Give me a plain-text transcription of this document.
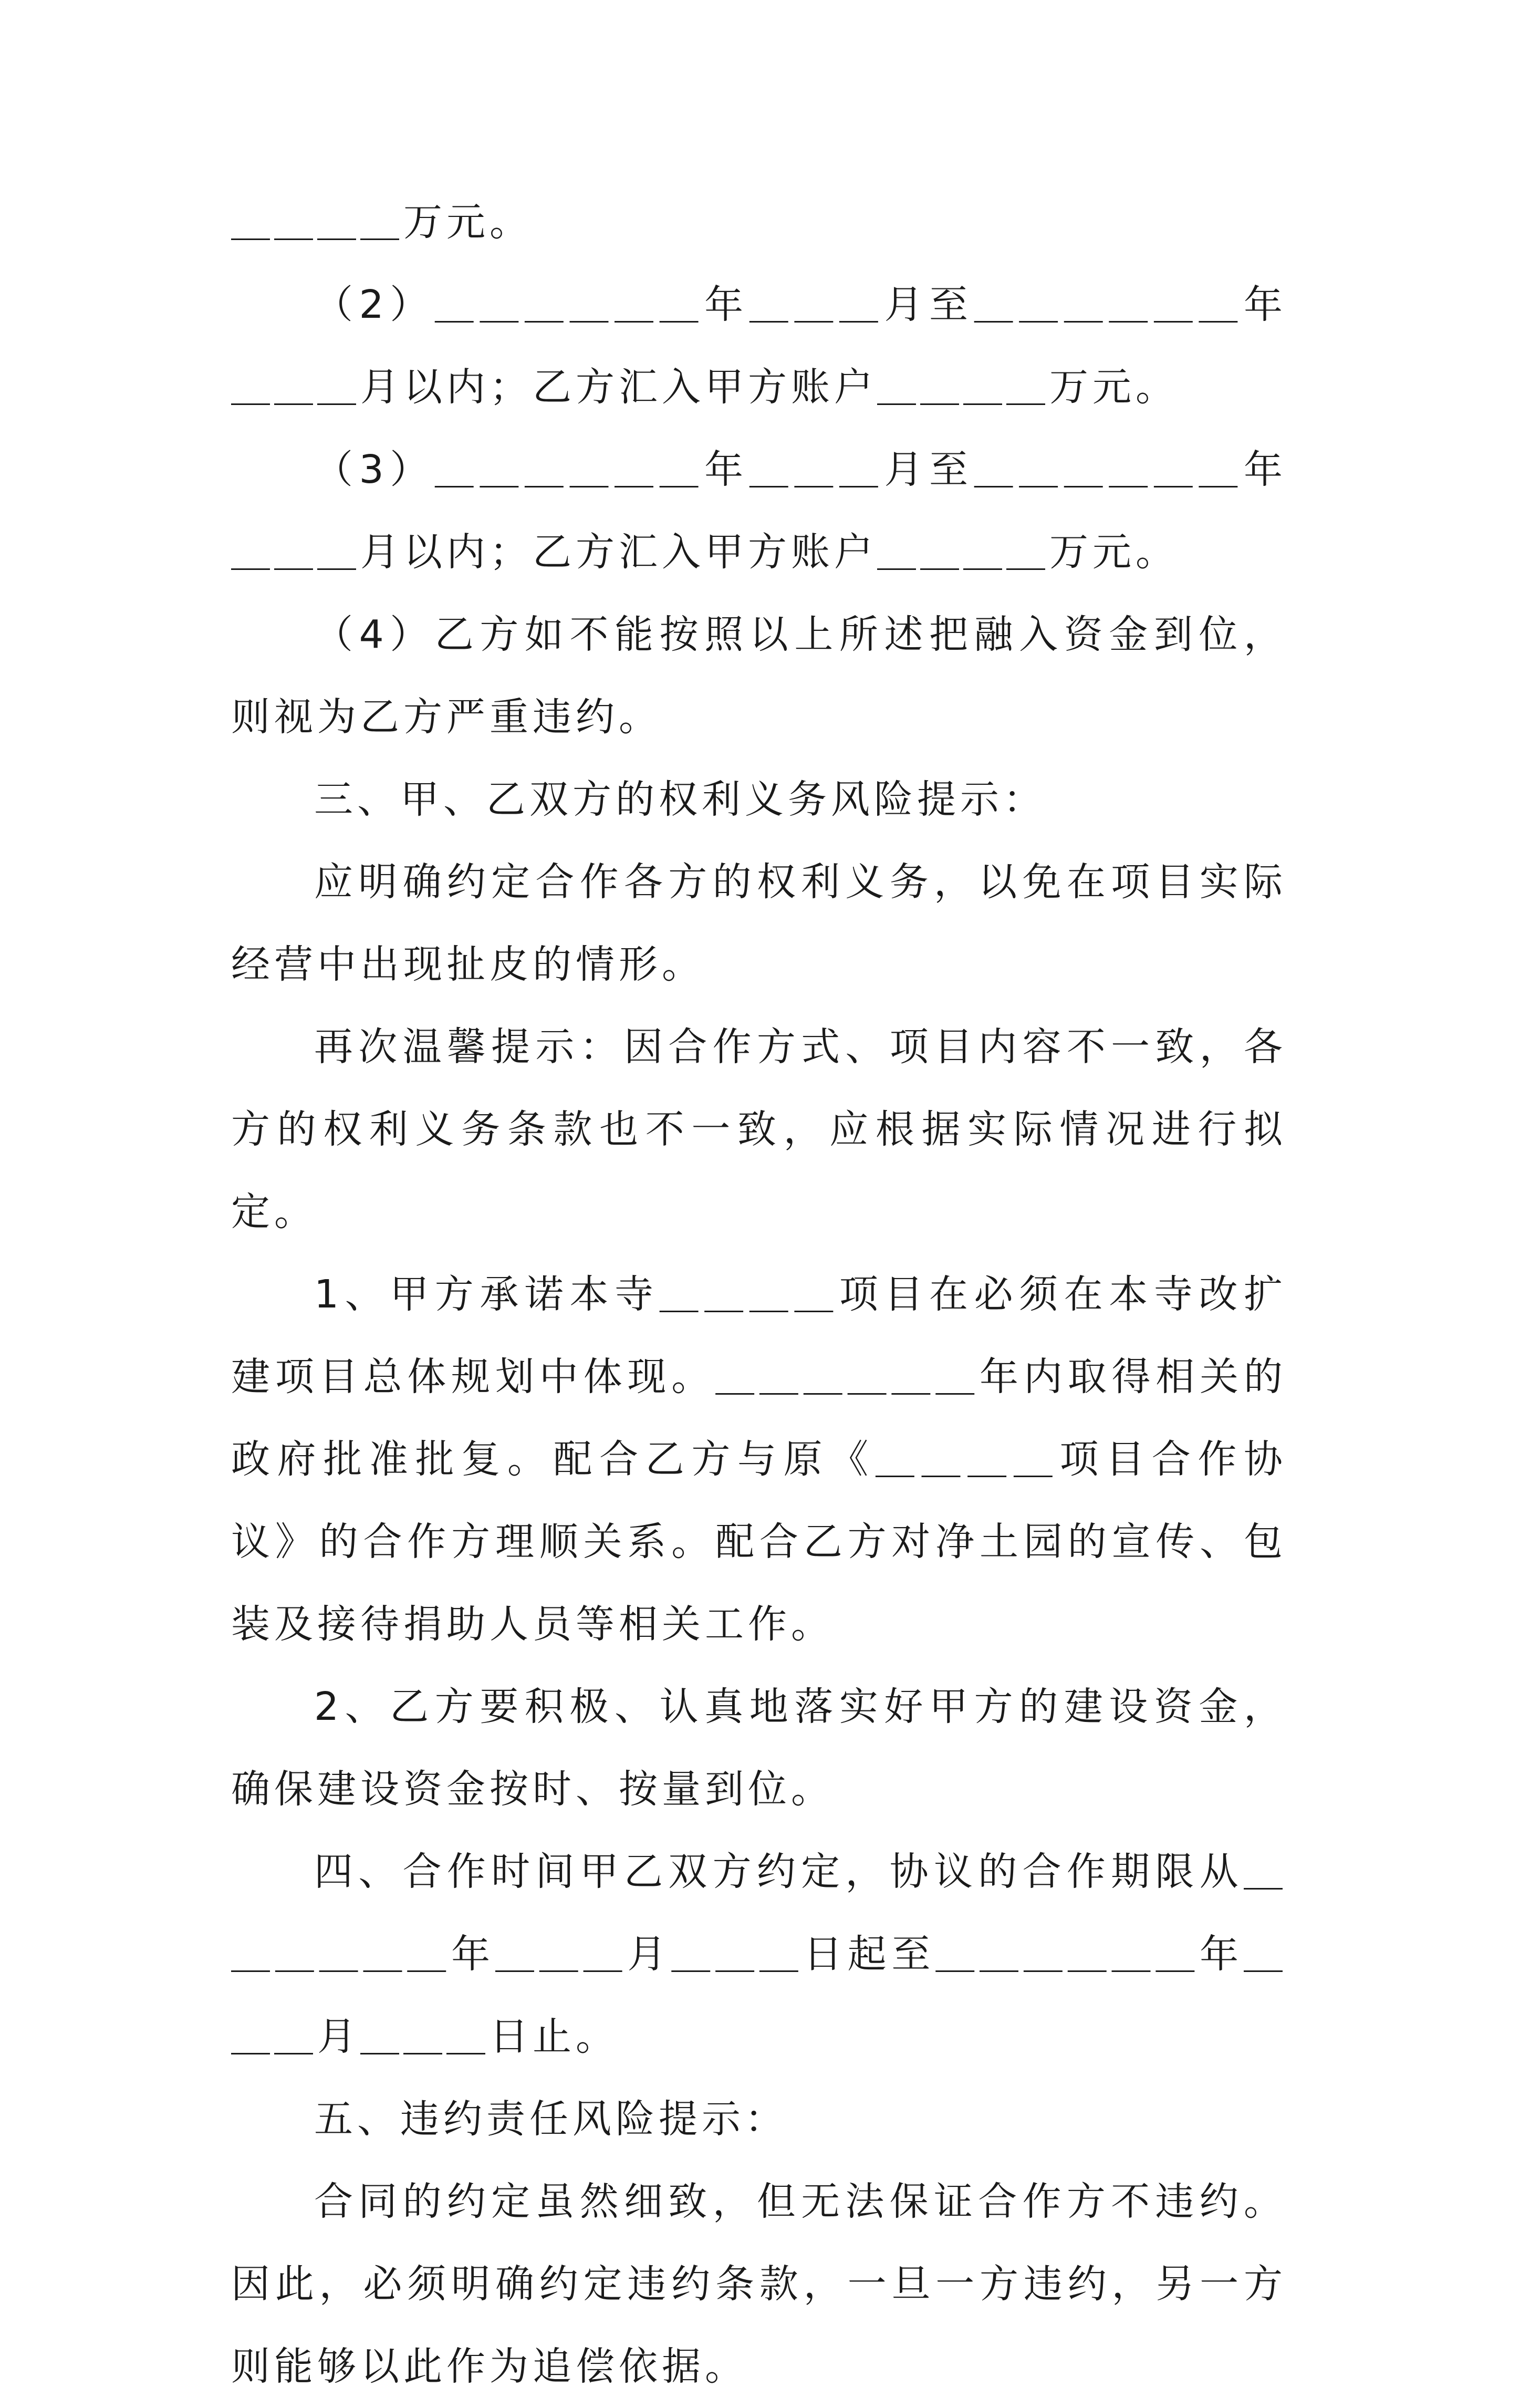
＿＿＿＿万元。

（2）＿＿＿＿＿＿年＿＿＿月至＿＿＿＿＿＿年＿＿＿月以内；乙方汇入甲方账户＿＿＿＿万元。

（3）＿＿＿＿＿＿年＿＿＿月至＿＿＿＿＿＿年＿＿＿月以内；乙方汇入甲方账户＿＿＿＿万元。

（4）乙方如不能按照以上所述把融入资金到位，则视为乙方严重违约。

三、甲、乙双方的权利义务风险提示：

应明确约定合作各方的权利义务，以免在项目实际经营中出现扯皮的情形。

再次温馨提示：因合作方式、项目内容不一致，各方的权利义务条款也不一致，应根据实际情况进行拟定。

1、甲方承诺本寺＿＿＿＿项目在必须在本寺改扩建项目总体规划中体现。＿＿＿＿＿＿年内取得相关的政府批准批复。配合乙方与原《＿＿＿＿项目合作协议》的合作方理顺关系。配合乙方对净土园的宣传、包装及接待捐助人员等相关工作。

2、乙方要积极、认真地落实好甲方的建设资金，确保建设资金按时、按量到位。

四、合作时间甲乙双方约定，协议的合作期限从＿＿＿＿＿＿年＿＿＿月＿＿＿日起至＿＿＿＿＿＿年＿＿＿月＿＿＿日止。

五、违约责任风险提示：

合同的约定虽然细致，但无法保证合作方不违约。因此，必须明确约定违约条款，一旦一方违约，另一方则能够以此作为追偿依据。
